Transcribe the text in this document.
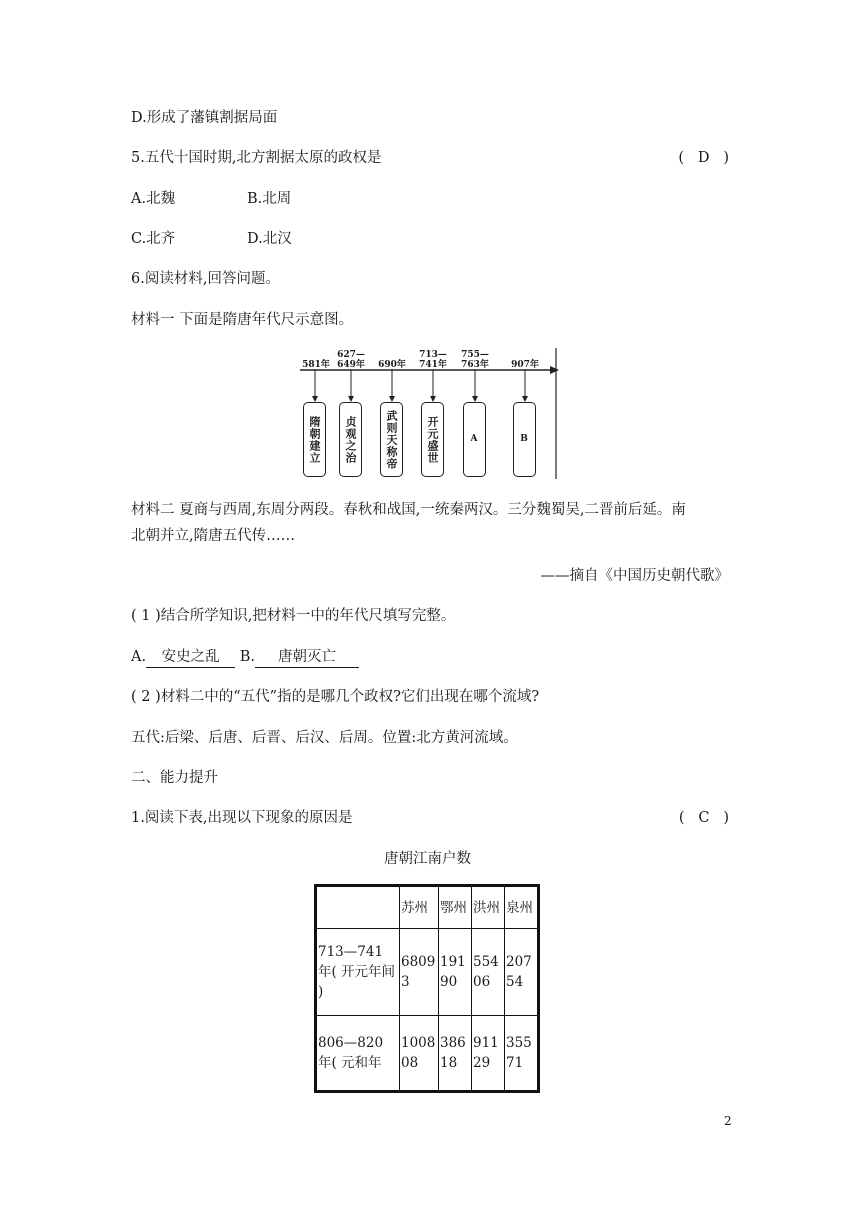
D.形成了藩镇割据局面
5.五代十国时期,北方割据太原的政权是	(   D   )
A.北魏	B.北周
C.北齐	D.北汉
6.阅读材料,回答问题。
材料一 下面是隋唐年代尺示意图。
581年
627—
649年 690年
713—
741年
755—
763年 907年
隋朝建立	贞观之治	武则天称帝	开元盛世	A	B
材料二 夏商与西周,东周分两段。春秋和战国,一统秦两汉。三分魏蜀吴,二晋前后延。南
北朝并立,隋唐五代传……
——摘自《中国历史朝代歌》
( 1 )结合所学知识,把材料一中的年代尺填写完整。
A. 安史之乱 B. 唐朝灭亡
( 2 )材料二中的“五代”指的是哪几个政权?它们出现在哪个流域?
五代:后梁、后唐、后晋、后汉、后周。位置:北方黄河流域。
二、能力提升
1.阅读下表,出现以下现象的原因是	(   C   )
唐朝江南户数
	苏州	鄂州	洪州	泉州
713—741 年( 开元年间 )	68093	19190	55406	20754
806—820 年( 元和年	100808	38618	91129	35571
2
